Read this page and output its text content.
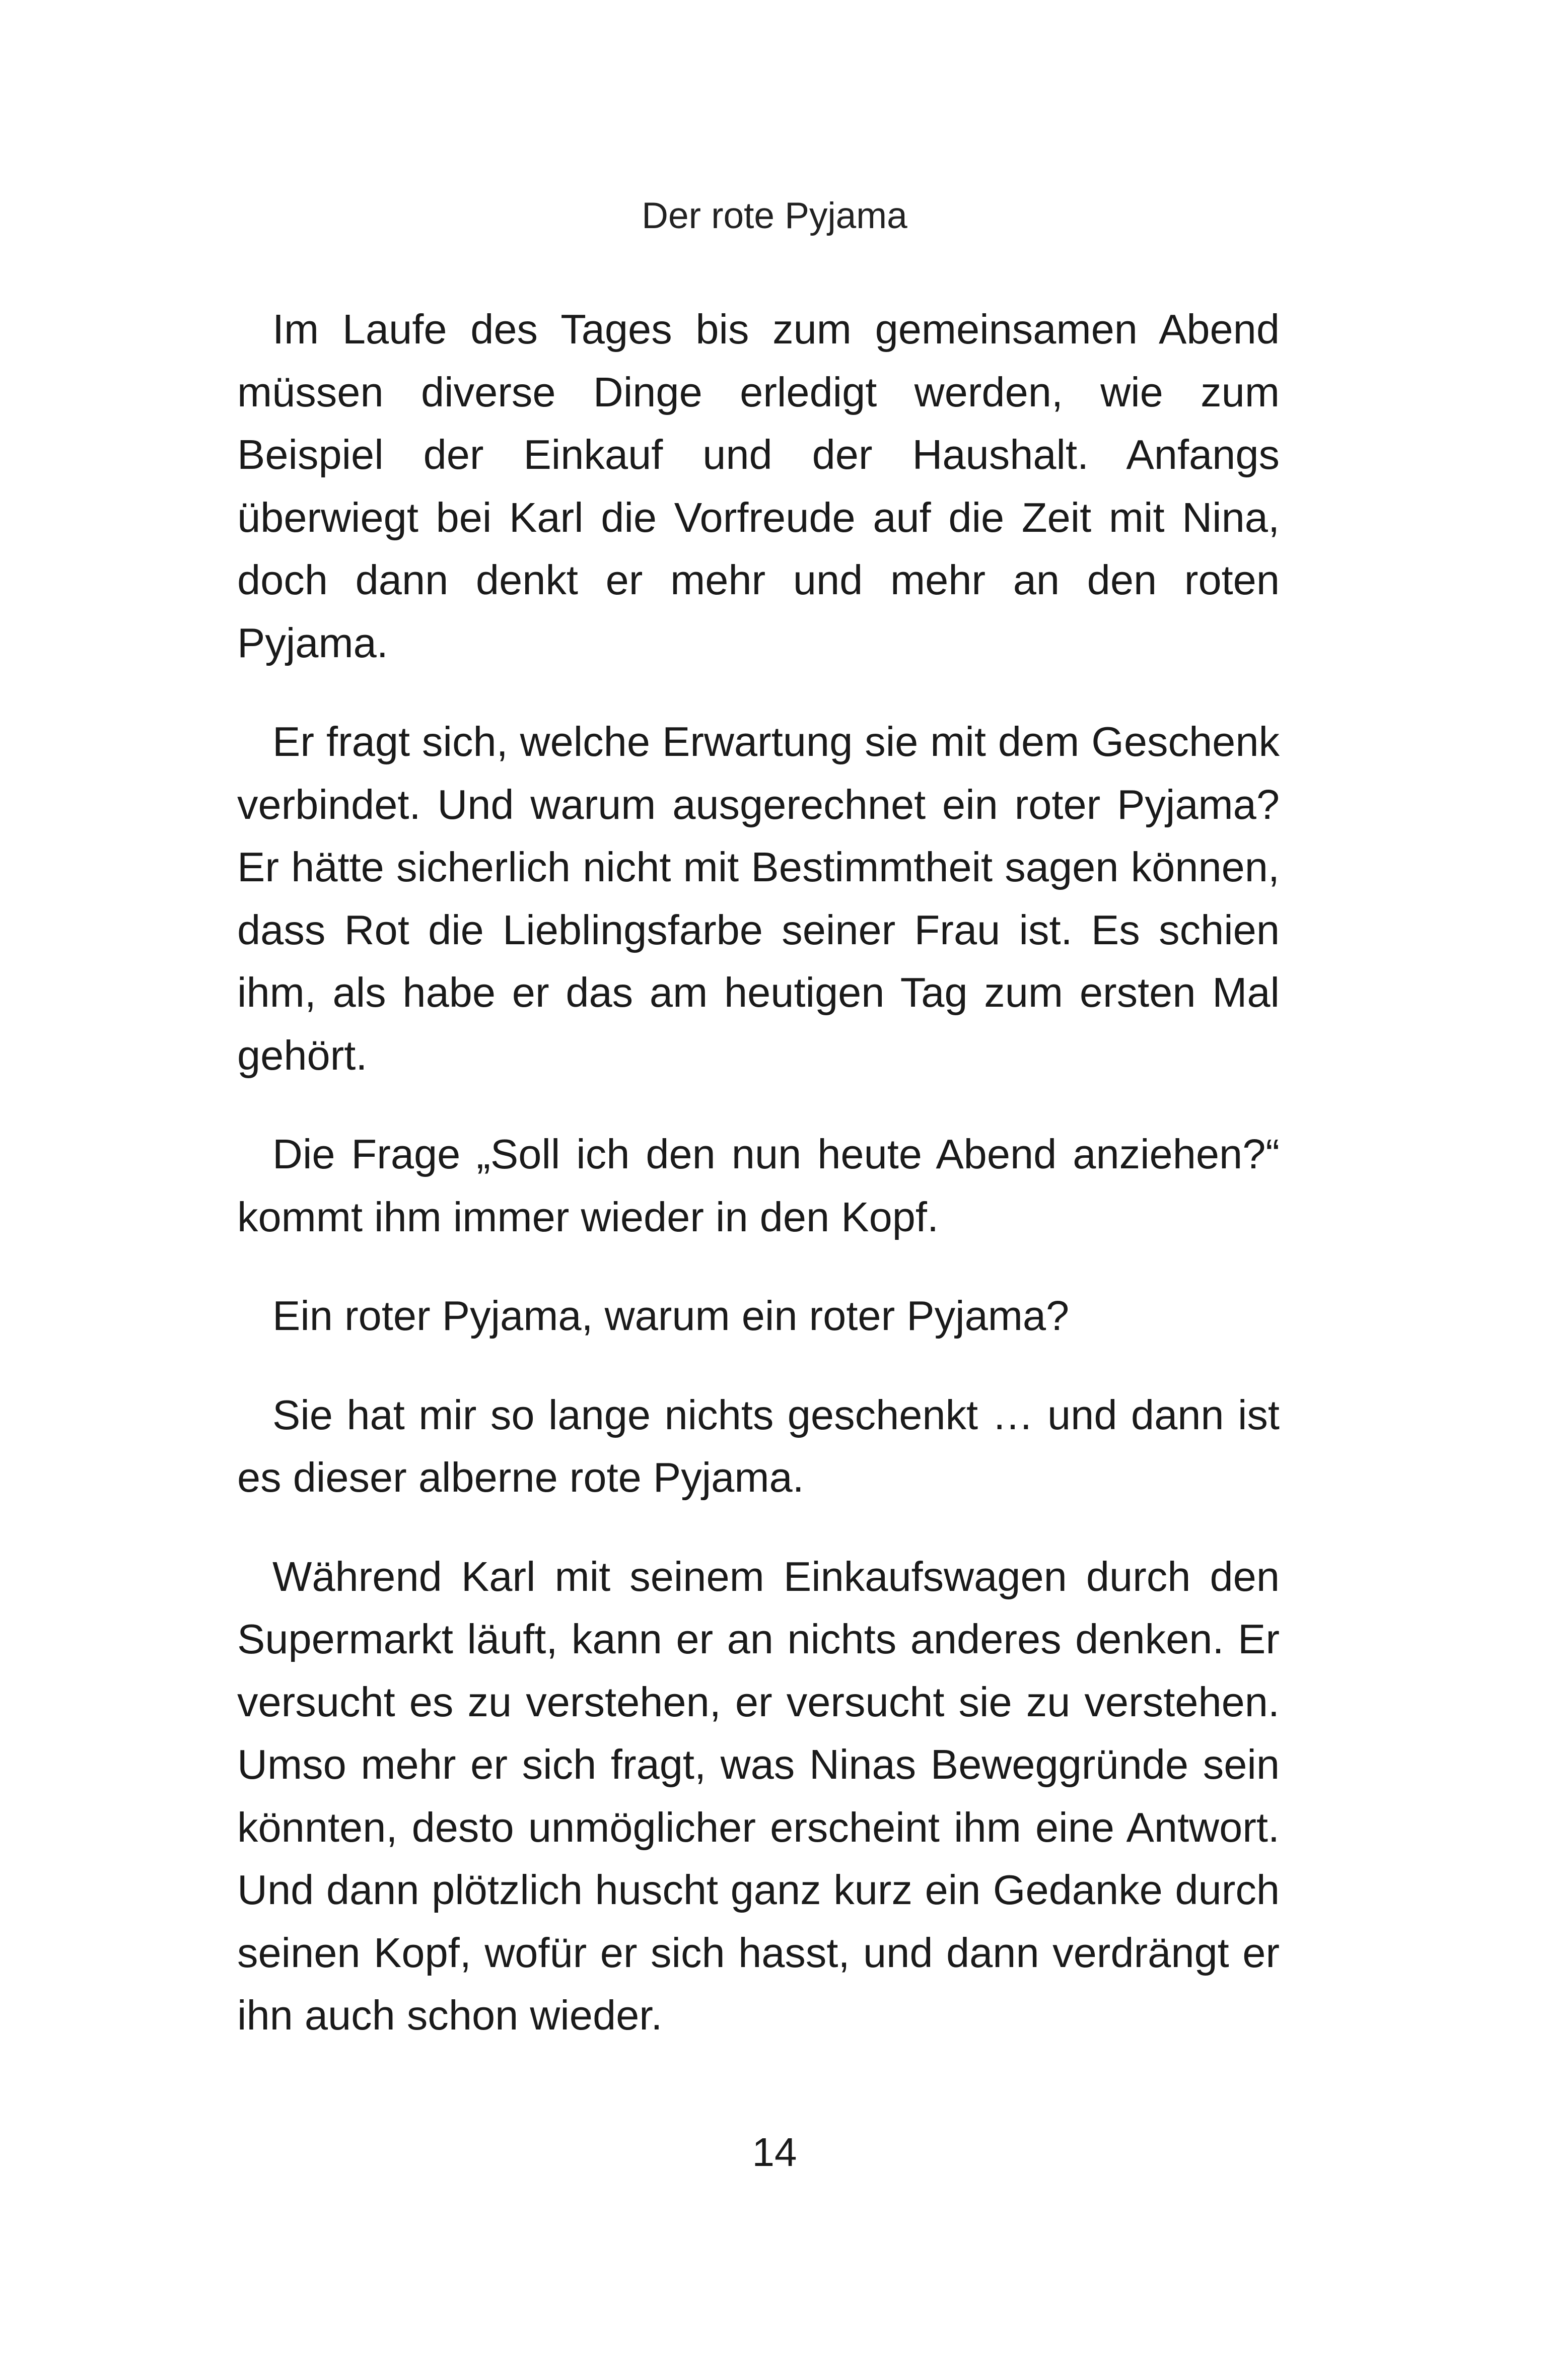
Der rote Pyjama

Im Laufe des Tages bis zum gemeinsamen Abend müssen diverse Dinge erledigt werden, wie zum Beispiel der Einkauf und der Haushalt. Anfangs überwiegt bei Karl die Vorfreude auf die Zeit mit Nina, doch dann denkt er mehr und mehr an den roten Pyjama.

Er fragt sich, welche Erwartung sie mit dem Geschenk verbindet. Und warum ausgerechnet ein roter Pyjama? Er hätte sicherlich nicht mit Bestimmtheit sagen können, dass Rot die Lieblingsfarbe seiner Frau ist. Es schien ihm, als habe er das am heutigen Tag zum ersten Mal gehört.

Die Frage „Soll ich den nun heute Abend anziehen?“ kommt ihm immer wieder in den Kopf.

Ein roter Pyjama, warum ein roter Pyjama?

Sie hat mir so lange nichts geschenkt … und dann ist es dieser alberne rote Pyjama.

Während Karl mit seinem Einkaufswagen durch den Supermarkt läuft, kann er an nichts anderes denken. Er versucht es zu verstehen, er versucht sie zu verstehen. Umso mehr er sich fragt, was Ninas Beweggründe sein könnten, desto unmöglicher erscheint ihm eine Antwort. Und dann plötzlich huscht ganz kurz ein Gedanke durch seinen Kopf, wofür er sich hasst, und dann verdrängt er ihn auch schon wieder.

14
